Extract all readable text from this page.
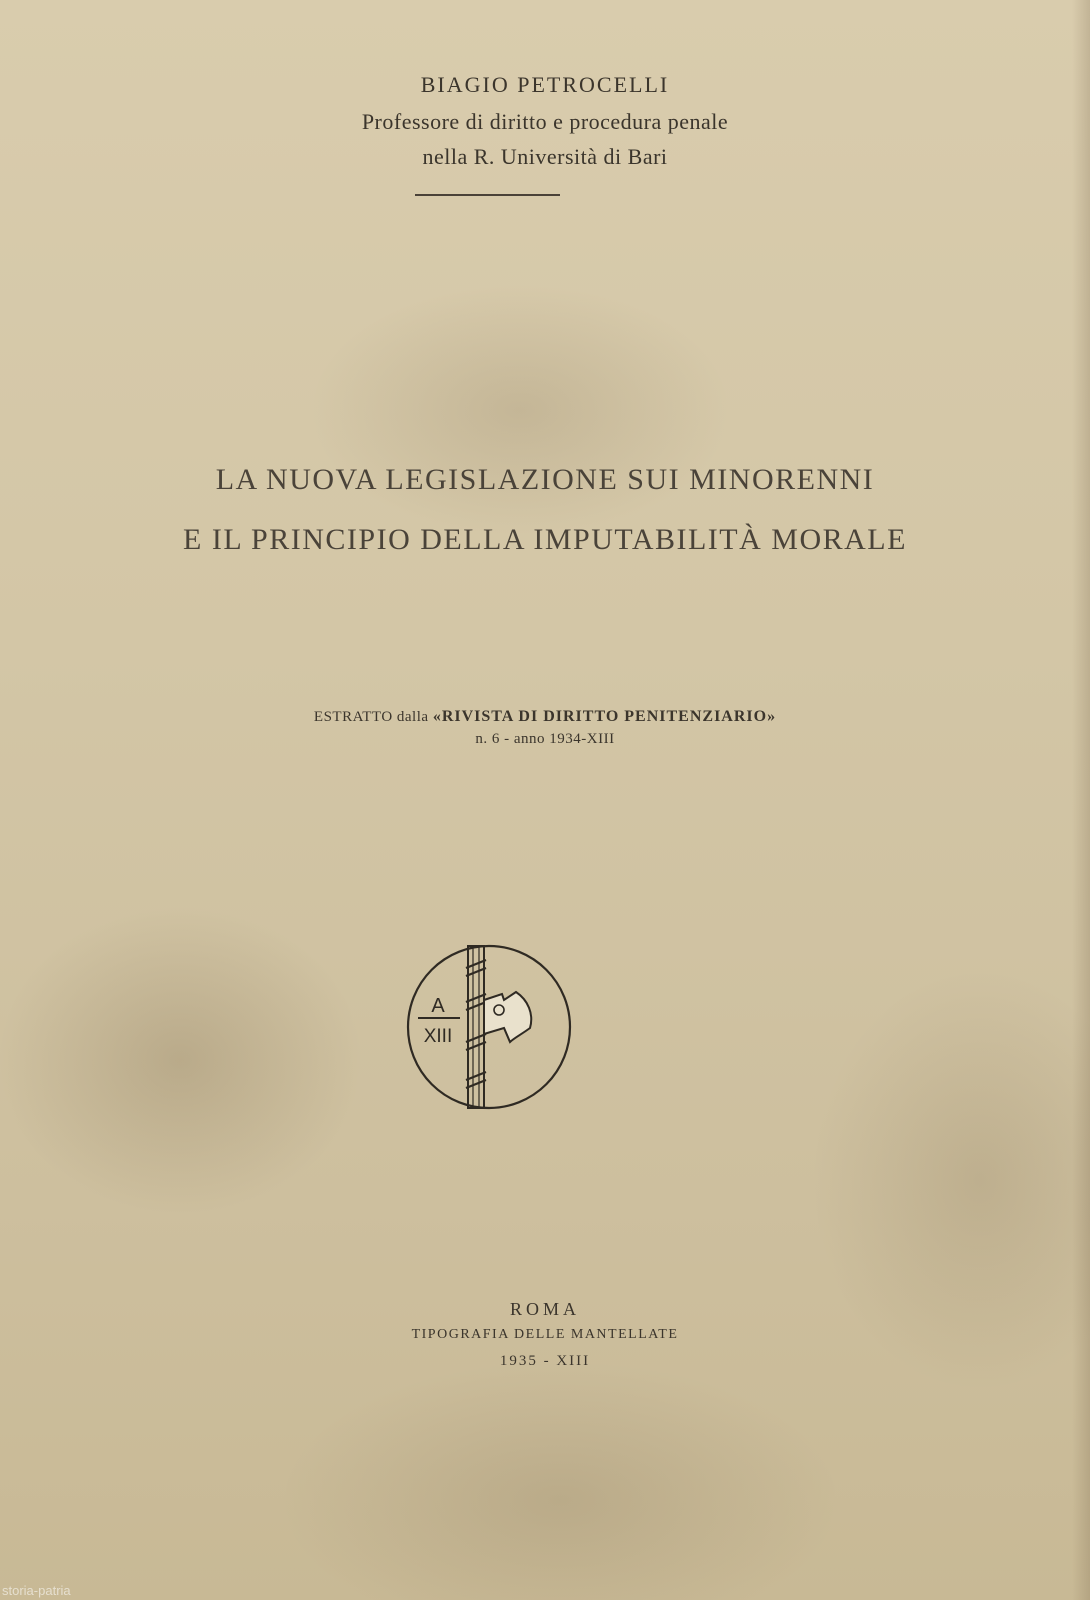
BIAGIO PETROCELLI
Professore di diritto e procedura penale
nella R. Università di Bari
LA NUOVA LEGISLAZIONE SUI MINORENNI
E IL PRINCIPIO DELLA IMPUTABILITÀ MORALE
ESTRATTO dalla «RIVISTA DI DIRITTO PENITENZIARIO»
n. 6 - anno 1934-XIII
A
XIII
ROMA
TIPOGRAFIA DELLE MANTELLATE
1935 - XIII
storia-patria
